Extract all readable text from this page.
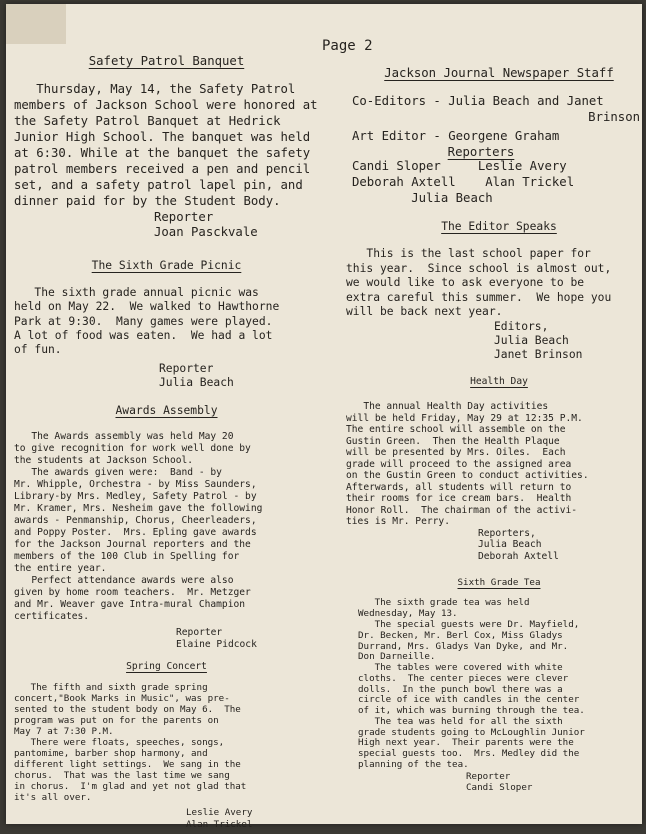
Page 2

Safety Patrol Banquet

Thursday, May 14, the Safety Patrol
members of Jackson School were honored at
the Safety Patrol Banquet at Hedrick
Junior High School. The banquet was held
at 6:30. While at the banquet the safety
patrol members received a pen and pencil
set, and a safety patrol lapel pin, and
dinner paid for by the Student Body.

Reporter
Joan Pasckvale

The Sixth Grade Picnic

The sixth grade annual picnic was
held on May 22.  We walked to Hawthorne
Park at 9:30.  Many games were played.
A lot of food was eaten.  We had a lot
of fun.

Reporter
Julia Beach

Awards Assembly

The Awards assembly was held May 20
to give recognition for work well done by
the students at Jackson School.
The awards given were:  Band - by
Mr. Whipple, Orchestra - by Miss Saunders,
Library-by Mrs. Medley, Safety Patrol - by
Mr. Kramer, Mrs. Nesheim gave the following
awards - Penmanship, Chorus, Cheerleaders,
and Poppy Poster.  Mrs. Epling gave awards
for the Jackson Journal reporters and the
members of the 100 Club in Spelling for
the entire year.
Perfect attendance awards were also
given by home room teachers.  Mr. Metzger
and Mr. Weaver gave Intra-mural Champion
certificates.

Reporter
Elaine Pidcock

Spring Concert

The fifth and sixth grade spring
concert,"Book Marks in Music", was pre-
sented to the student body on May 6.  The
program was put on for the parents on
May 7 at 7:30 P.M.
There were floats, speeches, songs,
pantomime, barber shop harmony, and
different light settings.  We sang in the
chorus.  That was the last time we sang
in chorus.  I'm glad and yet not glad that
it's all over.

Leslie Avery
Alan Trickel

Jackson Journal Newspaper Staff

Co-Editors - Julia Beach and Janet

Brinson

Art Editor - Georgene Graham

Reporters

Candi Sloper     Leslie Avery
Deborah Axtell    Alan Trickel
Julia Beach

The Editor Speaks

This is the last school paper for
this year.  Since school is almost out,
we would like to ask everyone to be
extra careful this summer.  We hope you
will be back next year.

Editors,
Julia Beach
Janet Brinson

Health Day

The annual Health Day activities
will be held Friday, May 29 at 12:35 P.M.
The entire school will assemble on the
Gustin Green.  Then the Health Plaque
will be presented by Mrs. Oiles.  Each
grade will proceed to the assigned area
on the Gustin Green to conduct activities.
Afterwards, all students will return to
their rooms for ice cream bars.  Health
Honor Roll.  The chairman of the activi-
ties is Mr. Perry.

Reporters,
Julia Beach
Deborah Axtell

Sixth Grade Tea

The sixth grade tea was held
Wednesday, May 13.
The special guests were Dr. Mayfield,
Dr. Becken, Mr. Berl Cox, Miss Gladys
Durrand, Mrs. Gladys Van Dyke, and Mr.
Don Darneille.
The tables were covered with white
cloths.  The center pieces were clever
dolls.  In the punch bowl there was a
circle of ice with candles in the center
of it, which was burning through the tea.
The tea was held for all the sixth
grade students going to McLoughlin Junior
High next year.  Their parents were the
special guests too.  Mrs. Medley did the
planning of the tea.

Reporter
Candi Sloper
